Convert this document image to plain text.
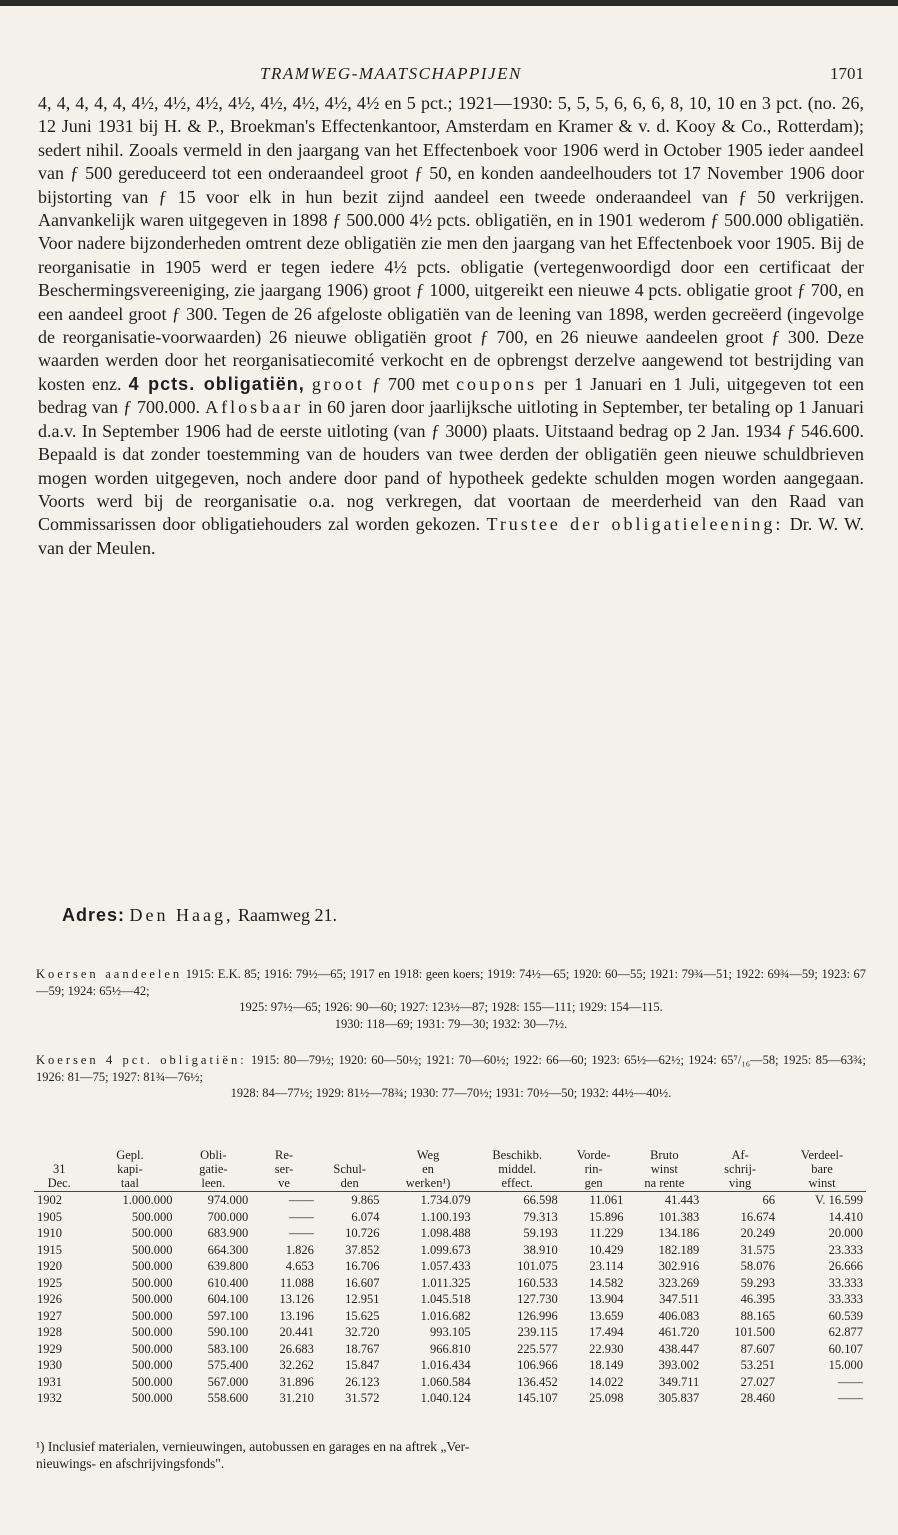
TRAMWEG-MAATSCHAPPIJEN	1701

4, 4, 4, 4, 4, 4½, 4½, 4½, 4½, 4½, 4½, 4½, 4½ en 5 pct.; 1921—1930: 5, 5, 5, 6, 6, 6, 8, 10, 10 en 3 pct. (no. 26, 12 Juni 1931 bij H. & P., Broekman's Effectenkantoor, Amsterdam en Kramer & v. d. Kooy & Co., Rotterdam); sedert nihil. Zooals vermeld in den jaargang van het Effectenboek voor 1906 werd in October 1905 ieder aandeel van ƒ 500 gereduceerd tot een onderaandeel groot ƒ 50, en konden aandeelhouders tot 17 November 1906 door bijstorting van ƒ 15 voor elk in hun bezit zijnd aandeel een tweede onderaandeel van ƒ 50 verkrijgen. Aanvankelijk waren uitgegeven in 1898 ƒ 500.000 4½ pcts. obligatiën, en in 1901 wederom ƒ 500.000 obligatiën. Voor nadere bijzonderheden omtrent deze obligatiën zie men den jaargang van het Effectenboek voor 1905. Bij de reorganisatie in 1905 werd er tegen iedere 4½ pcts. obligatie (vertegenwoordigd door een certificaat der Beschermingsvereeniging, zie jaargang 1906) groot ƒ 1000, uitgereikt een nieuwe 4 pcts. obligatie groot ƒ 700, en een aandeel groot ƒ 300. Tegen de 26 afgeloste obligatiën van de leening van 1898, werden gecreëerd (ingevolge de reorganisatie-voorwaarden) 26 nieuwe obligatiën groot ƒ 700, en 26 nieuwe aandeelen groot ƒ 300. Deze waarden werden door het reorganisatiecomité verkocht en de opbrengst derzelve aangewend tot bestrijding van kosten enz. 4 pcts. obligatiën, groot ƒ 700 met coupons per 1 Januari en 1 Juli, uitgegeven tot een bedrag van ƒ 700.000. Aflosbaar in 60 jaren door jaarlijksche uitloting in September, ter betaling op 1 Januari d.a.v. In September 1906 had de eerste uitloting (van ƒ 3000) plaats. Uitstaand bedrag op 2 Jan. 1934 ƒ 546.600. Bepaald is dat zonder toestemming van de houders van twee derden der obligatiën geen nieuwe schuldbrieven mogen worden uitgegeven, noch andere door pand of hypotheek gedekte schulden mogen worden aangegaan. Voorts werd bij de reorganisatie o.a. nog verkregen, dat voortaan de meerderheid van den Raad van Commissarissen door obligatiehouders zal worden gekozen. Trustee der obligatieleening: Dr. W. W. van der Meulen.

Adres: Den Haag, Raamweg 21.

Koersen aandeelen 1915: E.K. 85; 1916: 79½—65; 1917 en 1918: geen koers; 1919: 74½—65; 1920: 60—55; 1921: 79¾—51; 1922: 69¾—59; 1923: 67—59; 1924: 65½—42;

1925: 97½—65; 1926: 90—60; 1927: 123½—87; 1928: 155—111; 1929: 154—115.

1930: 118—69; 1931: 79—30; 1932: 30—7½.

Koersen 4 pct. obligatiën: 1915: 80—79½; 1920: 60—50½; 1921: 70—60½; 1922: 66—60; 1923: 65½—62½; 1924: 65⁷/₁₆—58; 1925: 85—63¾; 1926: 81—75; 1927: 81¾—76½;

1928: 84—77½; 1929: 81½—78¾; 1930: 77—70½; 1931: 70½—50; 1932: 44½—40½.

	Gepl.	Obli-	Re-		Weg	Beschikb.	Vorde-	Bruto	Af-	Verdeel-
31	kapi-	gatie-	ser-	Schul-	en	middel.	rin-	winst	schrij-	bare
Dec.	taal	leen.	ve	den	werken¹)	effect.	gen	na rente	ving	winst
1902	1.000.000	974.000	——	9.865	1.734.079	66.598	11.061	41.443	66	V. 16.599
1905	500.000	700.000	——	6.074	1.100.193	79.313	15.896	101.383	16.674	14.410
1910	500.000	683.900	——	10.726	1.098.488	59.193	11.229	134.186	20.249	20.000
1915	500.000	664.300	1.826	37.852	1.099.673	38.910	10.429	182.189	31.575	23.333
1920	500.000	639.800	4.653	16.706	1.057.433	101.075	23.114	302.916	58.076	26.666
1925	500.000	610.400	11.088	16.607	1.011.325	160.533	14.582	323.269	59.293	33.333
1926	500.000	604.100	13.126	12.951	1.045.518	127.730	13.904	347.511	46.395	33.333
1927	500.000	597.100	13.196	15.625	1.016.682	126.996	13.659	406.083	88.165	60.539
1928	500.000	590.100	20.441	32.720	993.105	239.115	17.494	461.720	101.500	62.877
1929	500.000	583.100	26.683	18.767	966.810	225.577	22.930	438.447	87.607	60.107
1930	500.000	575.400	32.262	15.847	1.016.434	106.966	18.149	393.002	53.251	15.000
1931	500.000	567.000	31.896	26.123	1.060.584	136.452	14.022	349.711	27.027	——
1932	500.000	558.600	31.210	31.572	1.040.124	145.107	25.098	305.837	28.460	——

¹) Inclusief materialen, vernieuwingen, autobussen en garages en na aftrek „Ver-

nieuwings- en afschrijvingsfonds".
